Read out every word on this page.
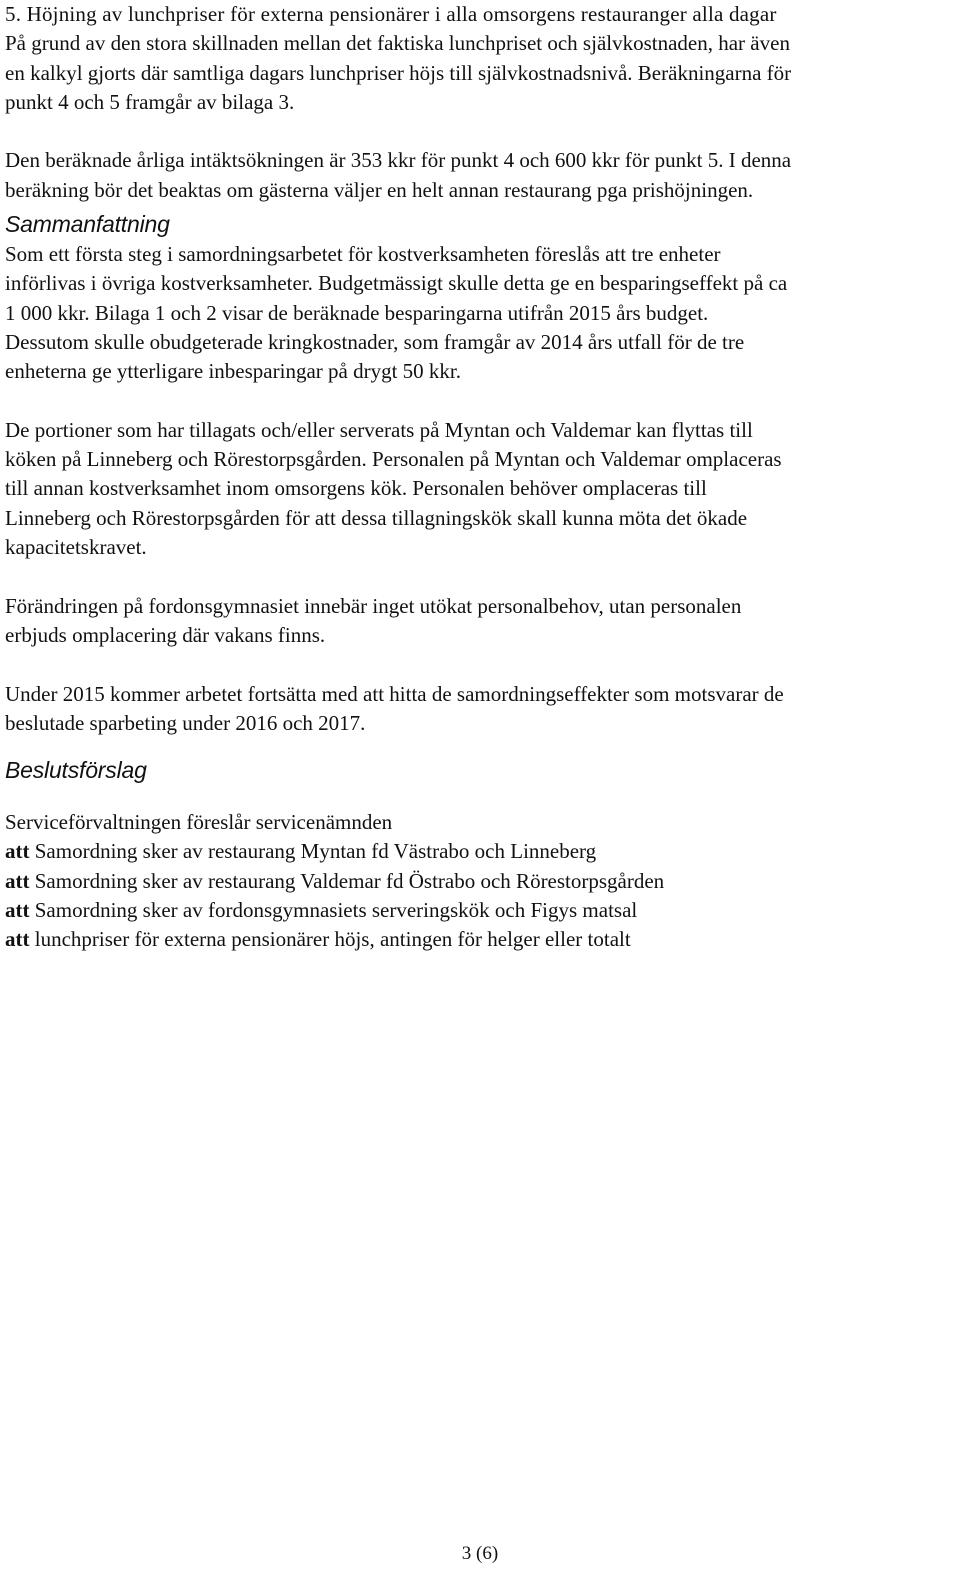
5. Höjning av lunchpriser för externa pensionärer i alla omsorgens restauranger alla dagar
På grund av den stora skillnaden mellan det faktiska lunchpriset och självkostnaden, har även
en kalkyl gjorts där samtliga dagars lunchpriser höjs till självkostnadsnivå. Beräkningarna för
punkt 4 och 5 framgår av bilaga 3.
Den beräknade årliga intäktsökningen är 353 kkr för punkt 4 och 600 kkr för punkt 5. I denna
beräkning bör det beaktas om gästerna väljer en helt annan restaurang pga prishöjningen.
Sammanfattning
Som ett första steg i samordningsarbetet för kostverksamheten föreslås att tre enheter
införlivas i övriga kostverksamheter. Budgetmässigt skulle detta ge en besparingseffekt på ca
1 000 kkr. Bilaga 1 och 2 visar de beräknade besparingarna utifrån 2015 års budget.
Dessutom skulle obudgeterade kringkostnader, som framgår av 2014 års utfall för de tre
enheterna ge ytterligare inbesparingar på drygt 50 kkr.
De portioner som har tillagats och/eller serverats på Myntan och Valdemar kan flyttas till
köken på Linneberg och Rörestorpsgården. Personalen på Myntan och Valdemar omplaceras
till annan kostverksamhet inom omsorgens kök. Personalen behöver omplaceras till
Linneberg och Rörestorpsgården för att dessa tillagningskök skall kunna möta det ökade
kapacitetskravet.
Förändringen på fordonsgymnasiet innebär inget utökat personalbehov, utan personalen
erbjuds omplacering där vakans finns.
Under 2015 kommer arbetet fortsätta med att hitta de samordningseffekter som motsvarar de
beslutade sparbeting under 2016 och 2017.
Beslutsförslag
Serviceförvaltningen föreslår servicenämnden
att Samordning sker av restaurang Myntan fd Västrabo och Linneberg
att Samordning sker av restaurang Valdemar fd Östrabo och Rörestorpsgården
att Samordning sker av fordonsgymnasiets serveringskök och Figys matsal
att lunchpriser för externa pensionärer höjs, antingen för helger eller totalt
3 (6)
